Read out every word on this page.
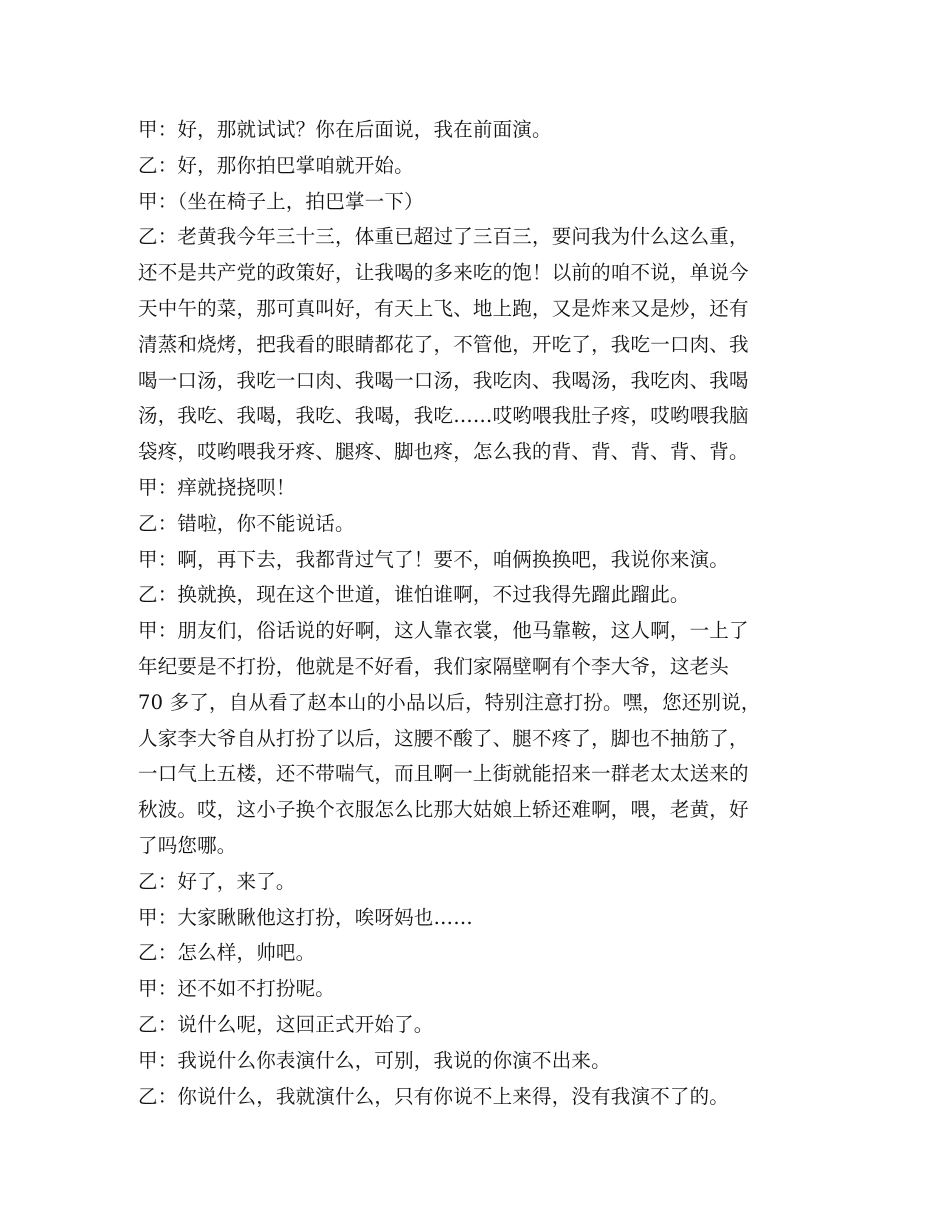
甲：好，那就试试？你在后面说，我在前面演。
乙：好，那你拍巴掌咱就开始。
甲：（坐在椅子上，拍巴掌一下）
乙：老黄我今年三十三，体重已超过了三百三，要问我为什么这么重，
还不是共产党的政策好，让我喝的多来吃的饱！以前的咱不说，单说今
天中午的菜，那可真叫好，有天上飞、地上跑，又是炸来又是炒，还有
清蒸和烧烤，把我看的眼睛都花了，不管他，开吃了，我吃一口肉、我
喝一口汤，我吃一口肉、我喝一口汤，我吃肉、我喝汤，我吃肉、我喝
汤，我吃、我喝，我吃、我喝，我吃……哎哟喂我肚子疼，哎哟喂我脑
袋疼，哎哟喂我牙疼、腿疼、脚也疼，怎么我的背、背、背、背、背。
甲：痒就挠挠呗！
乙：错啦，你不能说话。
甲：啊，再下去，我都背过气了！要不，咱俩换换吧，我说你来演。
乙：换就换，现在这个世道，谁怕谁啊，不过我得先蹓此蹓此。
甲：朋友们，俗话说的好啊，这人靠衣裳，他马靠鞍，这人啊，一上了
年纪要是不打扮，他就是不好看，我们家隔壁啊有个李大爷，这老头
70 多了，自从看了赵本山的小品以后，特别注意打扮。嘿，您还别说，
人家李大爷自从打扮了以后，这腰不酸了、腿不疼了，脚也不抽筋了，
一口气上五楼，还不带喘气，而且啊一上街就能招来一群老太太送来的
秋波。哎，这小子换个衣服怎么比那大姑娘上轿还难啊，喂，老黄，好
了吗您哪。
乙：好了，来了。
甲：大家瞅瞅他这打扮，唉呀妈也……
乙：怎么样，帅吧。
甲：还不如不打扮呢。
乙：说什么呢，这回正式开始了。
甲：我说什么你表演什么，可别，我说的你演不出来。
乙：你说什么，我就演什么，只有你说不上来得，没有我演不了的。
